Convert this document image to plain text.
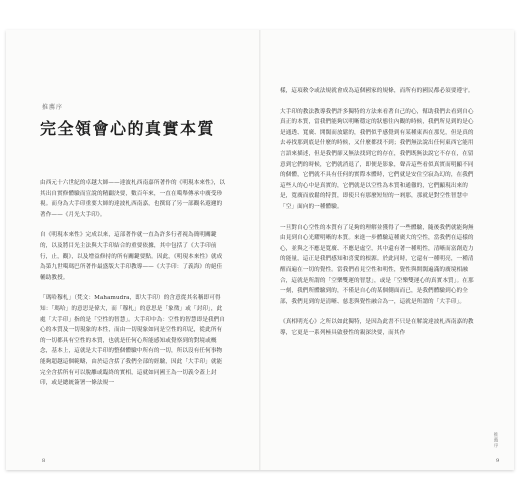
推薦序
完全領會心的真實本質

由西元十六世紀的卓越大師——達波札西南嘉所著作的《明現本來性》，以其出自實修體驗而宣說的精闢決要，數百年來，一直在噶舉傳承中廣受珍視。而身為大手印重要大師的達波札西南嘉，也撰寫了另一部觀名遐邇的著作——《月光大手印》。

自《明現本來性》完成以來，這部著作就一直為許多行者視為簡明關鍵的，以及將目光主法與大手印結合的重要依據，其中包括了《大手印前行，止，觀》，以及增益修持的所有關鍵要點。因此，《明現本來性》就成為第九世噶瑪巴所著作最盛版大手印教導——《大手印：了義海》的絕佳輔助教授。

「瑪哈穆札」（梵文：Mahamudra，即大手印）的含意從其名稱即可得知：「瑪哈」的意思是偉大，而「穆札」的意思是「象徵」或「封印」，此處「大手印」指的是「空性的智慧」。大手印中為：空性的智慧即是我們自心的本質及一切現象的本性，而由一切現象如同是空性的印記，從此所有的一切都具有空性的本質，也就是任何心所能感知或覺察到的對境或概念，基本上，這就是大手印的整個體驗中所有的一切，所以沒有任何事物能夠超越這個範疇，由於這含括了我們全部的經驗，因此「大手印」就能完全含括所有可以脫離或臨終的實相，這就如同國王為一切義令蓋上封印，或是總統簽署一條法規一

8

樣，這項敕令或法規就會成為這個國家的規條，而所有的國民都必須要遵守。

大手印的教法教導我們許多獨特的方法來看著自己的心，幫助我們去看到自心真正的本質，當我們能夠以明晰穩定的狀態往內觀的時候，我們所見到的是心是通透、寬廣、開闊而放鬆的，我們似乎感覺到有某種東西在那兒，但是真的去尋找那到底是什麼的時候，又什麼都找不到；我們無法說出任何東西它能用言語來描述，但是我們卻又無法找到它的存在，我們既無法說它不存在，在留意到它們的時候，它們就消退了，即便是影象，聲音這些看似真實而明顯不同的個體，它們就不具有任何的實際本體時，它們就是安住空寂為幻的，在我們這些人的心中是真實的，它們就是以空性為本質和通徹的，它們顯現出來的是，寬廣而放鬆的特質，即使只有那麼短短的一剎那，那就是對空性智慧中「空」面向的一種體驗。

一旦對自心空性的本質有了足夠的理解並獲得了一些體驗，隨後我們就能夠無由見到自心光耀明晰的本質。來進一步體驗這種廣大的空性，當我們在這樣的心，並與之不應是寬廣、不應是虛空，其中還有著一種明性，清晰而富創造力的能量，這正是我們感知和喜愛的根源。於此同時，它還有一種明亮，一種清醒而遍在一切的覺性。當我們看見空性和明性，覺性與開闊遍滿的廣境相融合，這就是所謂的「空樂雙運的智慧」，或是「空樂雙運心的真實本質」。在那一刻，我們所體驗到的，不僅是自心的某個側面而已，是我們體驗到心的全部，我們見到的是清晰、慈悲與覺性融合為一，這就是所謂的「大手印」。

《真相明光心》之所以如此獨特，是因為此書不只是在解說達波札西南嘉的教導，它更是一系列極具啟發性的親深決要，而其作

推薦序
9
